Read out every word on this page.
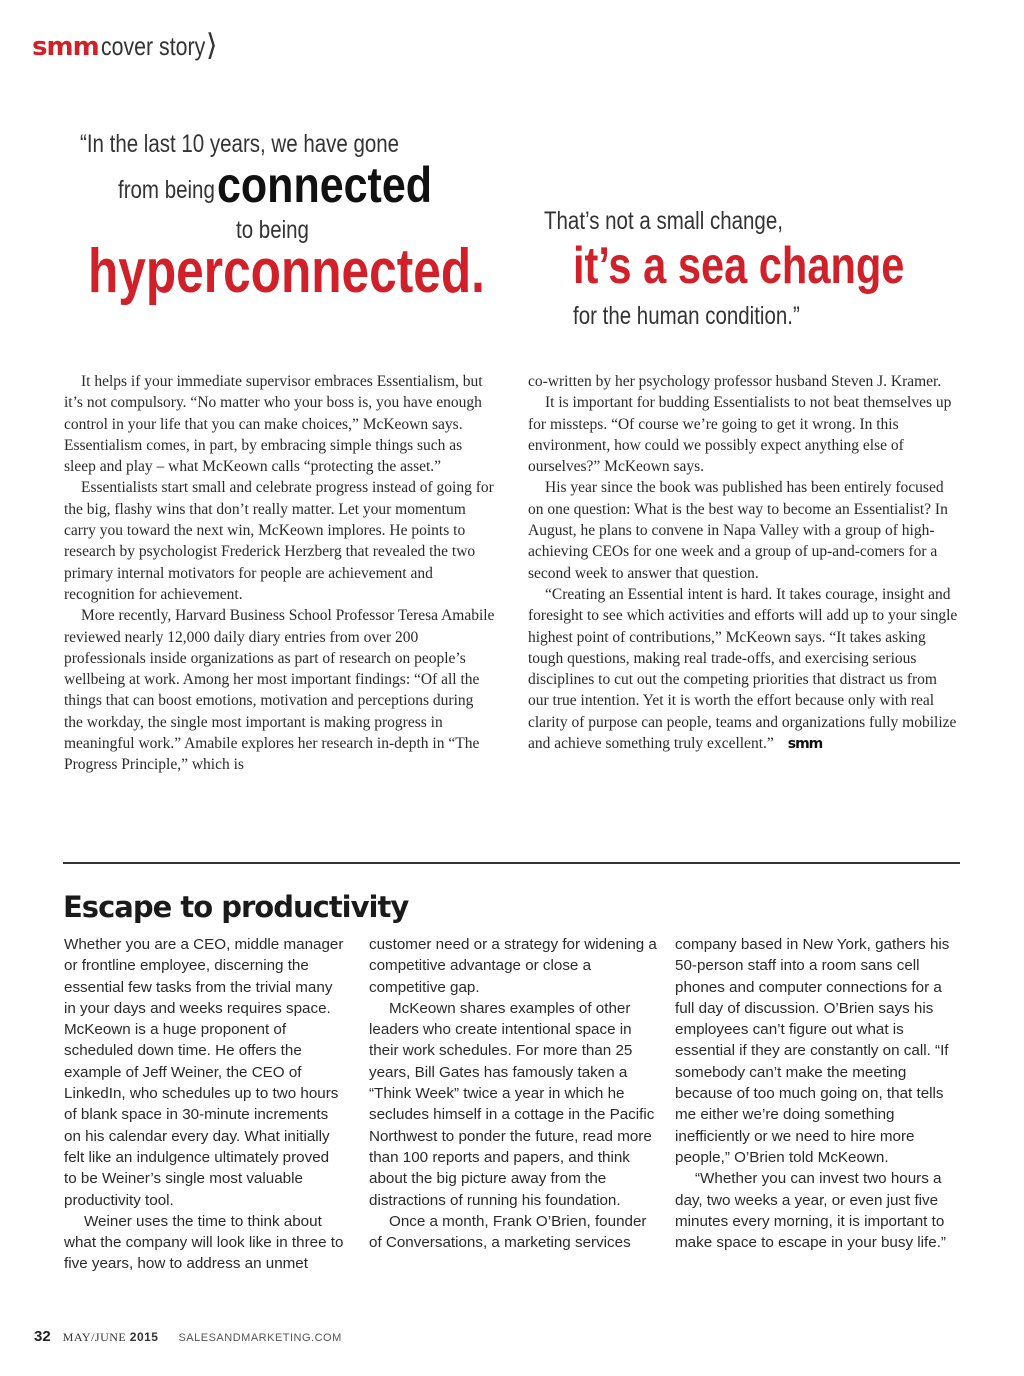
smm cover story ⟩
“In the last 10 years, we have gone
from being connected
to being
hyperconnected.
That’s not a small change,
it’s a sea change
for the human condition.”

It helps if your immediate supervisor embraces Essentialism, but it’s not compulsory. “No matter who your boss is, you have enough control in your life that you can make choices,” McKeown says. Essentialism comes, in part, by embracing simple things such as sleep and play – what McKeown calls “protecting the asset.”

Essentialists start small and celebrate progress instead of going for the big, flashy wins that don’t really matter. Let your momentum carry you toward the next win, McKeown implores. He points to research by psychologist Frederick Herzberg that revealed the two primary internal motivators for people are achievement and recognition for achievement.

More recently, Harvard Business School Professor Teresa Amabile reviewed nearly 12,000 daily diary entries from over 200 professionals inside organizations as part of research on people’s wellbeing at work. Among her most important findings: “Of all the things that can boost emotions, motivation and perceptions during the workday, the single most important is making progress in meaningful work.” Amabile explores her research in-depth in “The Progress Principle,” which is

co-written by her psychology professor husband Steven J. Kramer.

It is important for budding Essentialists to not beat themselves up for missteps. “Of course we’re going to get it wrong. In this environment, how could we possibly expect anything else of ourselves?” McKeown says.

His year since the book was published has been entirely focused on one question: What is the best way to become an Essentialist? In August, he plans to convene in Napa Valley with a group of high-achieving CEOs for one week and a group of up-and-comers for a second week to answer that question.

“Creating an Essential intent is hard. It takes courage, insight and foresight to see which activities and efforts will add up to your single highest point of contributions,” McKeown says. “It takes asking tough questions, making real trade-offs, and exercising serious disciplines to cut out the competing priorities that distract us from our true intention. Yet it is worth the effort because only with real clarity of purpose can people, teams and organizations fully mobilize and achieve something truly excellent.” smm

Escape to productivity

Whether you are a CEO, middle manager or frontline employee, discerning the essential few tasks from the trivial many in your days and weeks requires space. McKeown is a huge proponent of scheduled down time. He offers the example of Jeff Weiner, the CEO of LinkedIn, who schedules up to two hours of blank space in 30-minute increments on his calendar every day. What initially felt like an indulgence ultimately proved to be Weiner’s single most valuable productivity tool.

Weiner uses the time to think about what the company will look like in three to five years, how to address an unmet

customer need or a strategy for widening a competitive advantage or close a competitive gap.

McKeown shares examples of other leaders who create intentional space in their work schedules. For more than 25 years, Bill Gates has famously taken a “Think Week” twice a year in which he secludes himself in a cottage in the Pacific Northwest to ponder the future, read more than 100 reports and papers, and think about the big picture away from the distractions of running his foundation.

Once a month, Frank O’Brien, founder of Conversations, a marketing services

company based in New York, gathers his 50-person staff into a room sans cell phones and computer connections for a full day of discussion. O’Brien says his employees can’t figure out what is essential if they are constantly on call. “If somebody can’t make the meeting because of too much going on, that tells me either we’re doing something inefficiently or we need to hire more people,” O’Brien told McKeown.

“Whether you can invest two hours a day, two weeks a year, or even just five minutes every morning, it is important to make space to escape in your busy life.”

32 MAY/JUNE 2015 SALESANDMARKETING.COM
